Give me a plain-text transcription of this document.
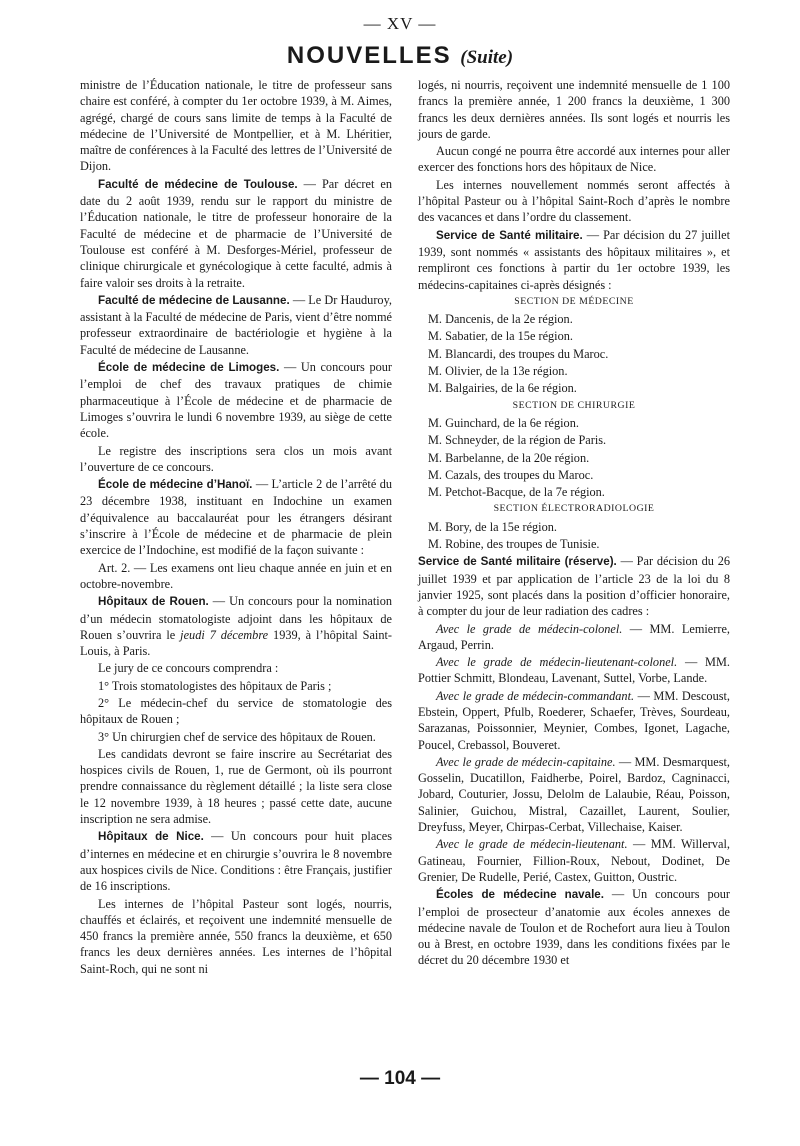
— XV —
NOUVELLES (Suite)

ministre de l’Éducation nationale, le titre de professeur sans chaire est conféré, à compter du 1er octobre 1939, à M. Aimes, agrégé, chargé de cours sans limite de temps à la Faculté de médecine de l’Université de Montpellier, et à M. Lhéritier, maître de conférences à la Faculté des lettres de l’Université de Dijon.

Faculté de médecine de Toulouse. — Par décret en date du 2 août 1939, rendu sur le rapport du ministre de l’Éducation nationale, le titre de professeur honoraire de la Faculté de médecine et de pharmacie de l’Université de Toulouse est conféré à M. Desforges-Mériel, professeur de clinique chirurgicale et gynécologique à cette faculté, admis à faire valoir ses droits à la retraite.

Faculté de médecine de Lausanne. — Le Dr Hauduroy, assistant à la Faculté de médecine de Paris, vient d’être nommé professeur extraordinaire de bactériologie et hygiène à la Faculté de médecine de Lausanne.

École de médecine de Limoges. — Un concours pour l’emploi de chef des travaux pratiques de chimie pharmaceutique à l’École de médecine et de pharmacie de Limoges s’ouvrira le lundi 6 novembre 1939, au siège de cette école.

Le registre des inscriptions sera clos un mois avant l’ouverture de ce concours.

École de médecine d’Hanoï. — L’article 2 de l’arrêté du 23 décembre 1938, instituant en Indochine un examen d’équivalence au baccalauréat pour les étrangers désirant s’inscrire à l’École de médecine et de pharmacie de plein exercice de l’Indochine, est modifié de la façon suivante :

Art. 2. — Les examens ont lieu chaque année en juin et en octobre-novembre.

Hôpitaux de Rouen. — Un concours pour la nomination d’un médecin stomatologiste adjoint dans les hôpitaux de Rouen s’ouvrira le jeudi 7 décembre 1939, à l’hôpital Saint-Louis, à Paris.

Le jury de ce concours comprendra :

1° Trois stomatologistes des hôpitaux de Paris ;

2° Le médecin-chef du service de stomatologie des hôpitaux de Rouen ;

3° Un chirurgien chef de service des hôpitaux de Rouen.

Les candidats devront se faire inscrire au Secrétariat des hospices civils de Rouen, 1, rue de Germont, où ils pourront prendre connaissance du règlement détaillé ; la liste sera close le 12 novembre 1939, à 18 heures ; passé cette date, aucune inscription ne sera admise.

Hôpitaux de Nice. — Un concours pour huit places d’internes en médecine et en chirurgie s’ouvrira le 8 novembre aux hospices civils de Nice. Conditions : être Français, justifier de 16 inscriptions.

Les internes de l’hôpital Pasteur sont logés, nourris, chauffés et éclairés, et reçoivent une indemnité mensuelle de 450 francs la première année, 550 francs la deuxième, et 650 francs les deux dernières années. Les internes de l’hôpital Saint-Roch, qui ne sont ni

logés, ni nourris, reçoivent une indemnité mensuelle de 1 100 francs la première année, 1 200 francs la deuxième, 1 300 francs les deux dernières années. Ils sont logés et nourris les jours de garde.

Aucun congé ne pourra être accordé aux internes pour aller exercer des fonctions hors des hôpitaux de Nice.

Les internes nouvellement nommés seront affectés à l’hôpital Pasteur ou à l’hôpital Saint-Roch d’après le nombre des vacances et dans l’ordre du classement.

Service de Santé militaire. — Par décision du 27 juillet 1939, sont nommés « assistants des hôpitaux militaires », et rempliront ces fonctions à partir du 1er octobre 1939, les médecins-capitaines ci-après désignés :

SECTION DE MÉDECINE

M. Dancenis, de la 2e région.

M. Sabatier, de la 15e région.

M. Blancardi, des troupes du Maroc.

M. Olivier, de la 13e région.

M. Balgairies, de la 6e région.

SECTION DE CHIRURGIE

M. Guinchard, de la 6e région.

M. Schneyder, de la région de Paris.

M. Barbelanne, de la 20e région.

M. Cazals, des troupes du Maroc.

M. Petchot-Bacque, de la 7e région.

SECTION ÉLECTRORADIOLOGIE

M. Bory, de la 15e région.

M. Robine, des troupes de Tunisie.

Service de Santé militaire (réserve). — Par décision du 26 juillet 1939 et par application de l’article 23 de la loi du 8 janvier 1925, sont placés dans la position d’officier honoraire, à compter du jour de leur radiation des cadres :

Avec le grade de médecin-colonel. — MM. Lemierre, Argaud, Perrin.

Avec le grade de médecin-lieutenant-colonel. — MM. Pottier Schmitt, Blondeau, Lavenant, Suttel, Vorbe, Lande.

Avec le grade de médecin-commandant. — MM. Descoust, Ebstein, Oppert, Pfulb, Roederer, Schaefer, Trèves, Sourdeau, Sarazanas, Poissonnier, Meynier, Combes, Igonet, Lagache, Poucel, Crebassol, Bouveret.

Avec le grade de médecin-capitaine. — MM. Desmarquest, Gosselin, Ducatillon, Faidherbe, Poirel, Bardoz, Cagninacci, Jobard, Couturier, Jossu, Delolm de Lalaubie, Réau, Poisson, Salinier, Guichou, Mistral, Cazaillet, Laurent, Soulier, Dreyfuss, Meyer, Chirpas-Cerbat, Villechaise, Kaiser.

Avec le grade de médecin-lieutenant. — MM. Willerval, Gatineau, Fournier, Fillion-Roux, Nebout, Dodinet, De Grenier, De Rudelle, Perié, Castex, Guitton, Oustric.

Écoles de médecine navale. — Un concours pour l’emploi de prosecteur d’anatomie aux écoles annexes de médecine navale de Toulon et de Rochefort aura lieu à Toulon ou à Brest, en octobre 1939, dans les conditions fixées par le décret du 20 décembre 1930 et

— 104 —
